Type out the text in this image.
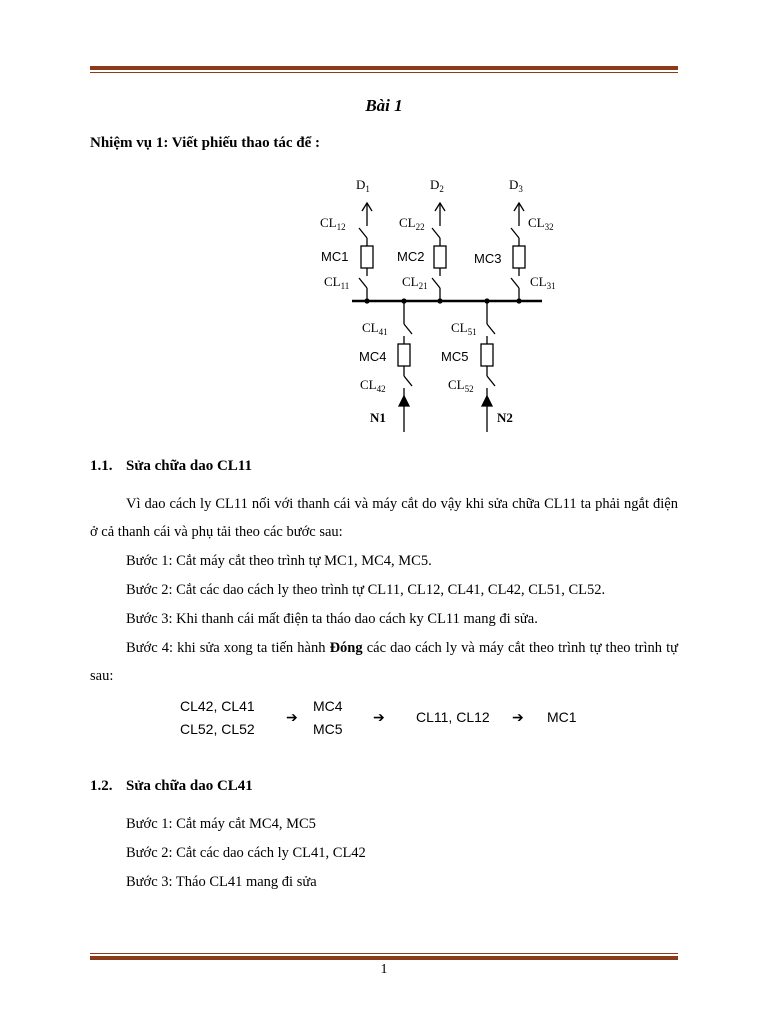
Bài 1
Nhiệm vụ 1: Viết phiếu thao tác để :
$D_1$	$D_2$	$D_3$
$CL_{12}$	$CL_{22}$	$CL_{32}$
MC1	MC2	MC3
$CL_{11}$	$CL_{21}$	$CL_{31}$
$CL_{41}$	$CL_{51}$
MC4	MC5
$CL_{42}$	$CL_{52}$
N1	N2
1.1. Sửa chữa dao CL11
Vì dao cách ly CL11 nối với thanh cái và máy cắt do vậy khi sửa chữa CL11 ta phải ngắt điện ở cả thanh cái và phụ tải theo các bước sau:
Bước 1: Cắt máy cắt theo trình tự MC1, MC4, MC5.
Bước 2: Cắt các dao cách ly theo trình tự CL11, CL12, CL41, CL42, CL51, CL52.
Bước 3: Khi thanh cái mất điện ta tháo dao cách ky CL11 mang đi sửa.
Bước 4: khi sửa xong ta tiến hành Đóng các dao cách ly và máy cắt theo trình tự theo trình tự sau:
CL42, CL41
CL52, CL52
➔
MC4
MC5
➔ CL11, CL12 ➔ MC1
1.2. Sửa chữa dao CL41
Bước 1: Cắt máy cắt MC4, MC5
Bước 2: Cắt các dao cách ly CL41, CL42
Bước 3: Tháo CL41 mang đi sửa
1
